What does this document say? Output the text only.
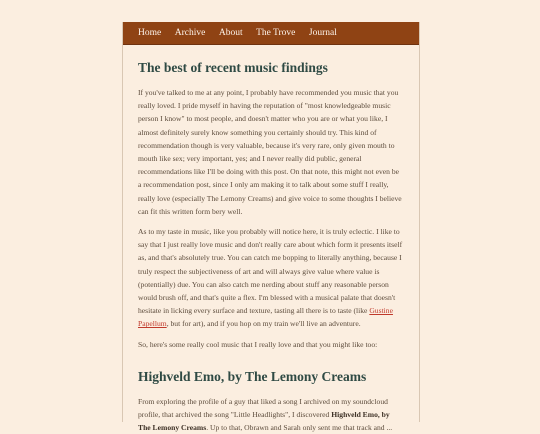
Home Archive About The Trove Journal
The best of recent music findings

If you've talked to me at any point, I probably have recommended you music that you really loved. I pride myself in having the reputation of "most knowledgeable music person I know" to most people, and doesn't matter who you are or what you like, I almost definitely surely know something you certainly should try. This kind of recommendation though is very valuable, because it's very rare, only given mouth to mouth like sex; very important, yes; and I never really did public, general recommendations like I'll be doing with this post. On that note, this might not even be a recommendation post, since I only am making it to talk about some stuff I really, really love (especially The Lemony Creams) and give voice to some thoughts I believe can fit this written form bery well.

As to my taste in music, like you probably will notice here, it is truly eclectic. I like to say that I just really love music and don't really care about which form it presents itself as, and that's absolutely true. You can catch me bopping to literally anything, because I truly respect the subjectiveness of art and will always give value where value is (potentially) due. You can also catch me nerding about stuff any reasonable person would brush off, and that's quite a flex. I'm blessed with a musical palate that doesn't hesitate in licking every surface and texture, tasting all there is to taste (like Gustine Papellum, but for art), and if you hop on my train we'll live an adventure.

So, here's some really cool music that I really love and that you might like too:

Highveld Emo, by The Lemony Creams

From exploring the profile of a guy that liked a song I archived on my soundcloud profile, that archived the song "Little Headlights", I discovered Highveld Emo, by The Lemony Creams. Up to that, Obrawn and Sarah only sent me that track and ...
